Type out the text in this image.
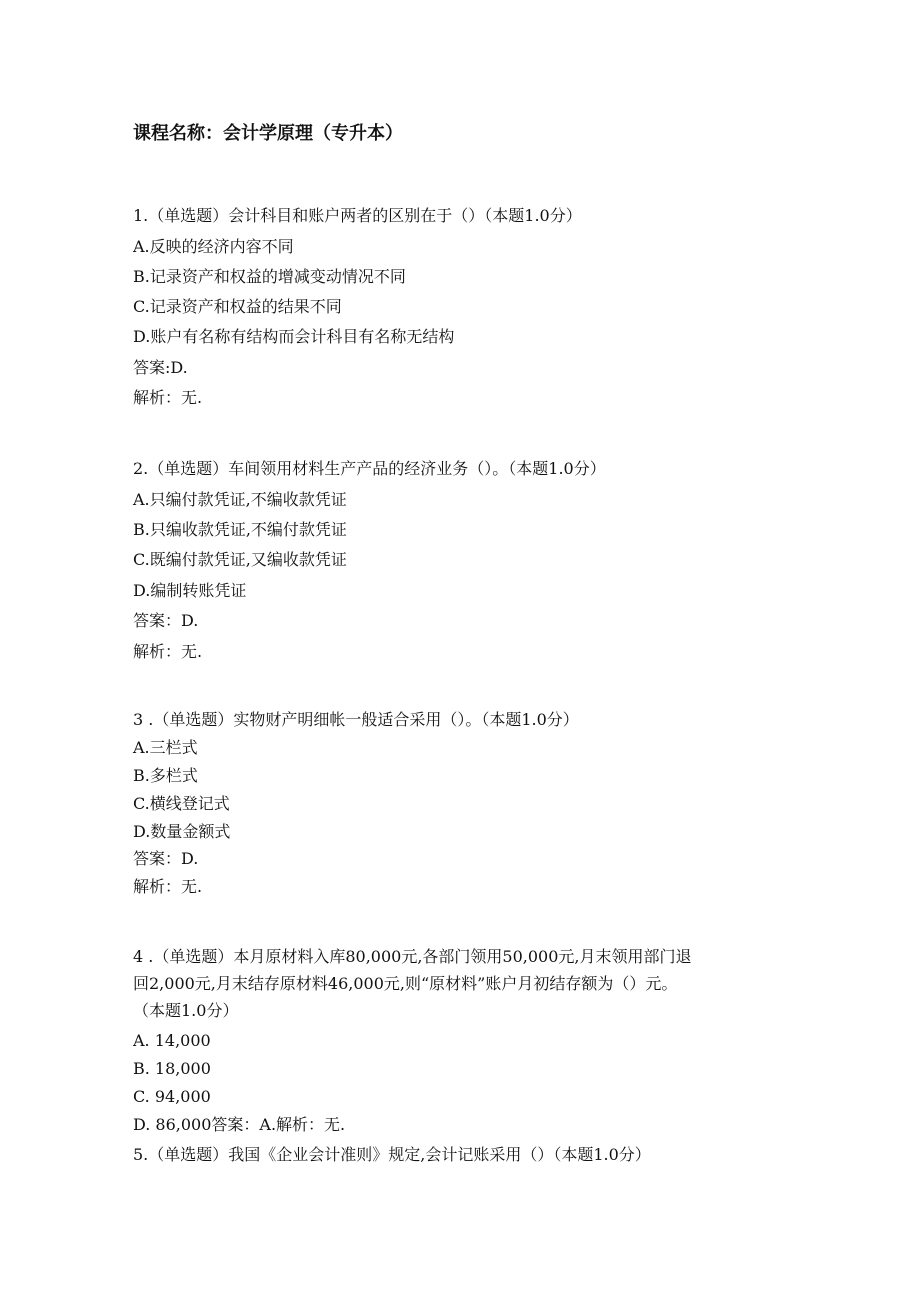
课程名称：会计学原理（专升本）
1.（单选题）会计科目和账户两者的区别在于（）（本题1.0分）
A.反映的经济内容不同
B.记录资产和权益的增减变动情况不同
C.记录资产和权益的结果不同
D.账户有名称有结构而会计科目有名称无结构
答案:D.
解析：无.
2.（单选题）车间领用材料生产产品的经济业务（）。（本题1.0分）
A.只编付款凭证,不编收款凭证
B.只编收款凭证,不编付款凭证
C.既编付款凭证,又编收款凭证
D.编制转账凭证
答案：D.
解析：无.
3 .（单选题）实物财产明细帐一般适合采用（）。（本题1.0分）
A.三栏式
B.多栏式
C.横线登记式
D.数量金额式
答案：D.
解析：无.
4 .（单选题）本月原材料入库80,000元,各部门领用50,000元,月末领用部门退
回2,000元,月末结存原材料46,000元,则“原材料”账户月初结存额为（）元。
（本题1.0分）
A. 14,000
B. 18,000
C. 94,000
D. 86,000答案：A.解析：无.
5.（单选题）我国《企业会计准则》规定,会计记账采用（）（本题1.0分）
